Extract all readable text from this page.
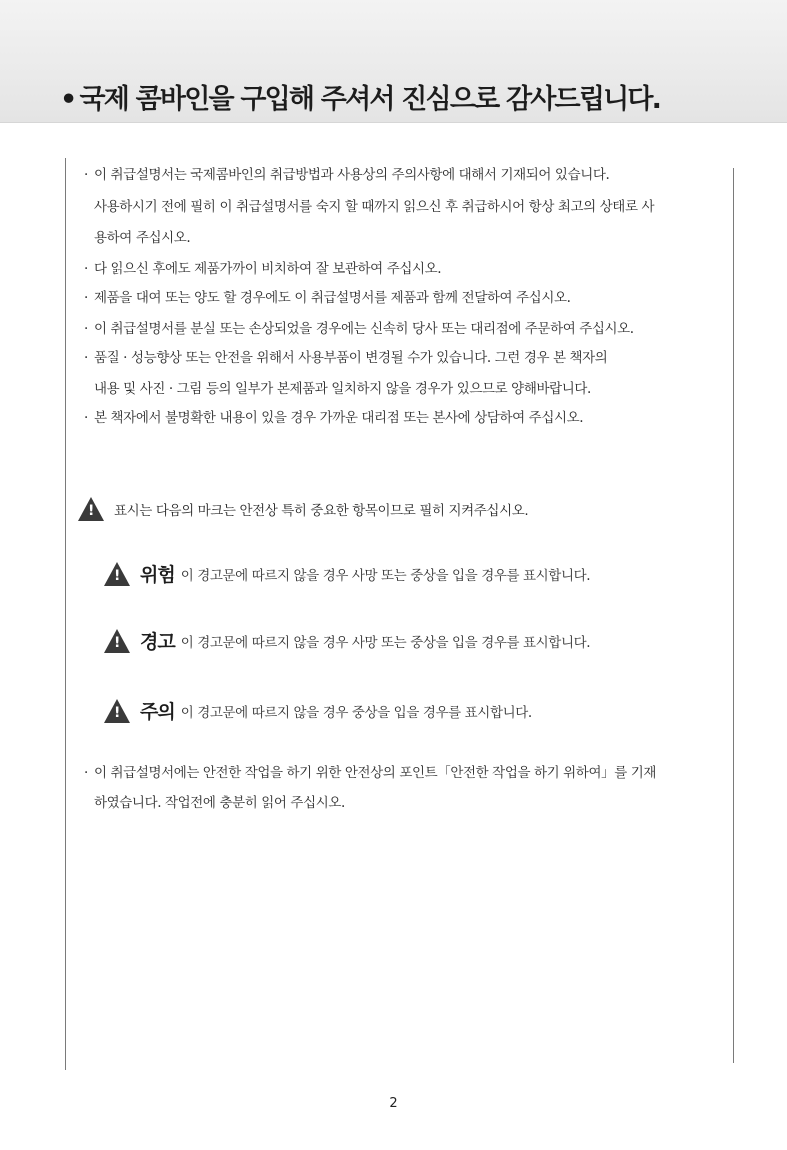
• 국제 콤바인을 구입해 주셔서 진심으로 감사드립니다.
· 이 취급설명서는 국제콤바인의 취급방법과 사용상의 주의사항에 대해서 기재되어 있습니다.
사용하시기 전에 필히 이 취급설명서를 숙지 할 때까지 읽으신 후 취급하시어 항상 최고의 상태로 사
용하여 주십시오.
· 다 읽으신 후에도 제품가까이 비치하여 잘 보관하여 주십시오.
· 제품을 대여 또는 양도 할 경우에도 이 취급설명서를 제품과 함께 전달하여 주십시오.
· 이 취급설명서를 분실 또는 손상되었을 경우에는 신속히 당사 또는 대리점에 주문하여 주십시오.
· 품질 · 성능향상 또는 안전을 위해서 사용부품이 변경될 수가 있습니다. 그런 경우 본 책자의
내용 및 사진 · 그림 등의 일부가 본제품과 일치하지 않을 경우가 있으므로 양해바랍니다.
· 본 책자에서 불명확한 내용이 있을 경우 가까운 대리점 또는 본사에 상담하여 주십시오.
!
표시는 다음의 마크는 안전상 특히 중요한 항목이므로 필히 지켜주십시오.
!
위험 이 경고문에 따르지 않을 경우 사망 또는 중상을 입을 경우를 표시합니다.
!
경고 이 경고문에 따르지 않을 경우 사망 또는 중상을 입을 경우를 표시합니다.
!
주의 이 경고문에 따르지 않을 경우 중상을 입을 경우를 표시합니다.
· 이 취급설명서에는 안전한 작업을 하기 위한 안전상의 포인트「안전한 작업을 하기 위하여」를 기재
하였습니다. 작업전에 충분히 읽어 주십시오.
2
